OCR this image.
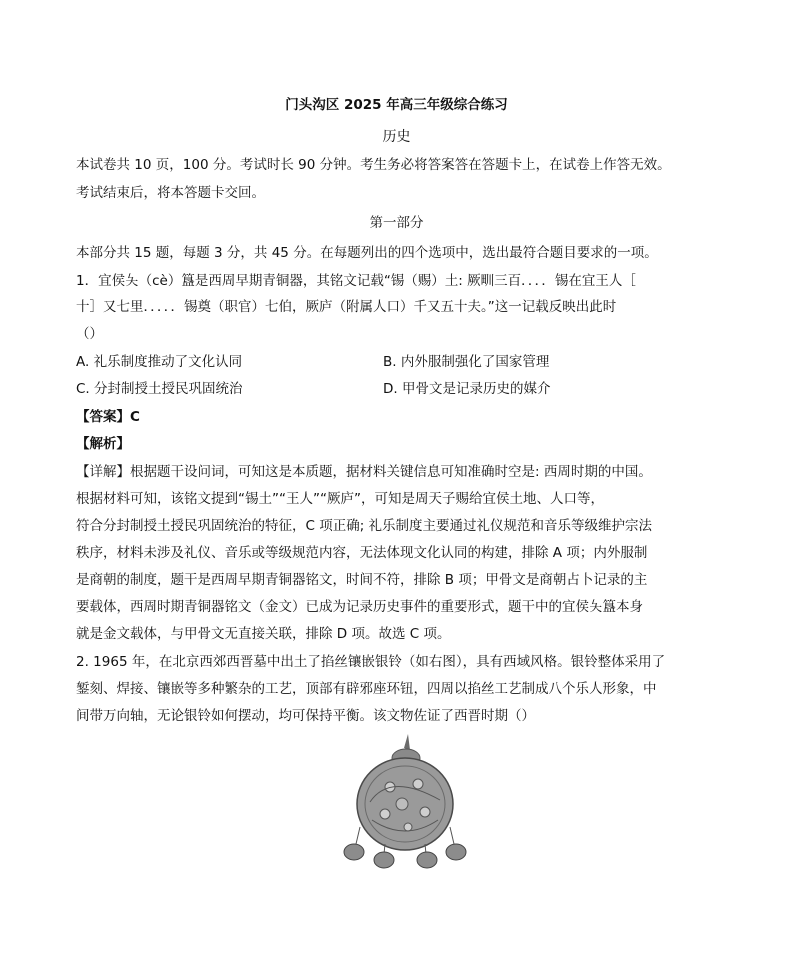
门头沟区 2025 年高三年级综合练习
历史
本试卷共 10 页，100 分。考试时长 90 分钟。考生务必将答案答在答题卡上，在试卷上作答无效。
考试结束后，将本答题卡交回。
第一部分
本部分共 15 题，每题 3 分，共 45 分。在每题列出的四个选项中，选出最符合题目要求的一项。
1．宜侯夨（cè）簋是西周早期青铜器，其铭文记载“锡（赐）土: 厥甽三百．．．．锡在宜王人［
十］又七里．．．．．锡奠（职官）七伯，厥庐（附属人口）千又五十夫。”这一记载反映出此时
（）
A. 礼乐制度推动了文化认同	B. 内外服制强化了国家管理
C. 分封制授土授民巩固统治	D. 甲骨文是记录历史的媒介
【答案】C
【解析】
【详解】根据题干设问词，可知这是本质题，据材料关键信息可知准确时空是: 西周时期的中国。
根据材料可知，该铭文提到“锡土”“王人”“厥庐”，可知是周天子赐给宜侯土地、人口等，
符合分封制授土授民巩固统治的特征，C 项正确; 礼乐制度主要通过礼仪规范和音乐等级维护宗法
秩序，材料未涉及礼仪、音乐或等级规范内容，无法体现文化认同的构建，排除 A 项；内外服制
是商朝的制度，题干是西周早期青铜器铭文，时间不符，排除 B 项；甲骨文是商朝占卜记录的主
要载体，西周时期青铜器铭文（金文）已成为记录历史事件的重要形式，题干中的宜侯夨簋本身
就是金文载体，与甲骨文无直接关联，排除 D 项。故选 C 项。
2. 1965 年，在北京西郊西晋墓中出土了掐丝镶嵌银铃（如右图），具有西域风格。银铃整体采用了
錾刻、焊接、镶嵌等多种繁杂的工艺，顶部有辟邪座环钮，四周以掐丝工艺制成八个乐人形象，中
间带万向轴，无论银铃如何摆动，均可保持平衡。该文物佐证了西晋时期（）
